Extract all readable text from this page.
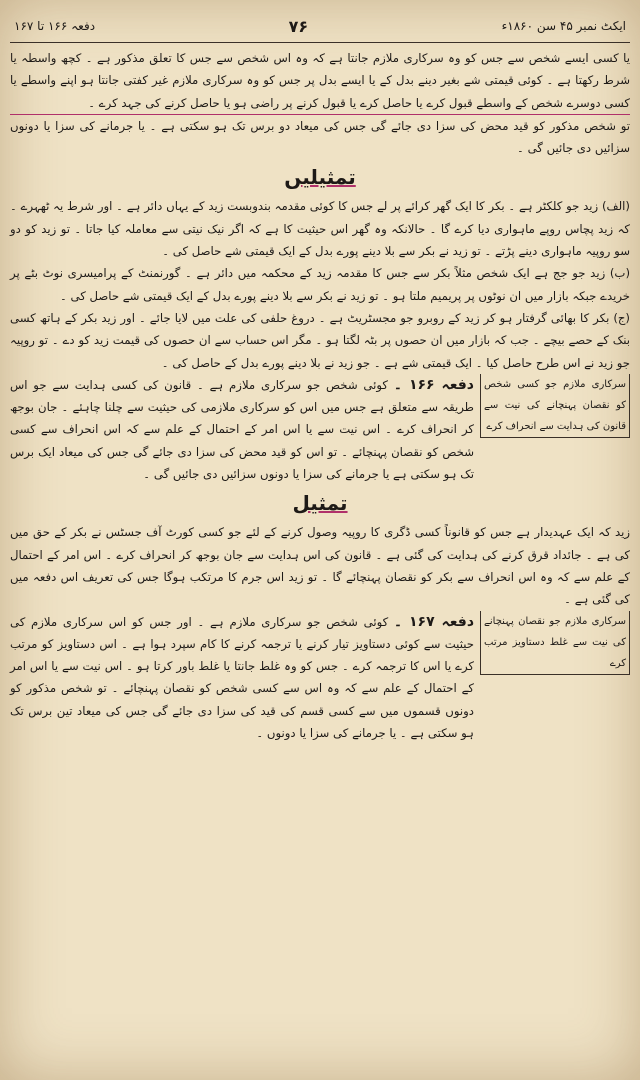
ایکٹ نمبر ۴۵ سن ۱۸۶۰ء
۷۶
دفعہ ۱۶۶ تا ۱۶۷

یا کسی ایسے شخص سے جس کو وہ سرکاری ملازم جانتا ہے کہ وہ اس شخص سے جس کا تعلق مذکور ہے ۔ کچھ واسطہ یا شرط رکھتا ہے ۔ کوئی قیمتی شے بغیر دینے بدل کے یا ایسے بدل پر جس کو وہ سرکاری ملازم غیر کفتی جانتا ہو اپنے واسطے یا کسی دوسرے شخص کے واسطے قبول کرے یا حاصل کرے یا قبول کرنے پر راضی ہو یا حاصل کرنے کی جہد کرے ۔

تو شخص مذکور کو قید محض کی سزا دی جائے گی جس کی میعاد دو برس تک ہو سکتی ہے ۔ یا جرمانے کی سزا یا دونوں سزائیں دی جائیں گی ۔

تمثیلیں

(الف) زید جو کلکٹر ہے ۔ بکر کا ایک گھر کرائے پر لے جس کا کوئی مقدمہ بندوبست زید کے یہاں دائر ہے ۔ اور شرط یہ ٹھہرے ۔ کہ زید پچاس روپے ماہواری دیا کرے گا ۔ حالانکہ وہ گھر اس حیثیت کا ہے کہ اگر نیک نیتی سے معاملہ کیا جاتا ۔ تو زید کو دو سو روپیہ ماہواری دینے پڑتے ۔ تو زید نے بکر سے بلا دینے پورے بدل کے ایک قیمتی شے حاصل کی ۔

(ب) زید جو جج ہے ایک شخص مثلاً بکر سے جس کا مقدمہ زید کے محکمہ میں دائر ہے ۔ گورنمنٹ کے پرامیسری نوٹ بٹے پر خریدے جبکہ بازار میں ان نوٹوں پر پریمیم ملتا ہو ۔ تو زید نے بکر سے بلا دینے پورے بدل کے ایک قیمتی شے حاصل کی ۔

(ج) بکر کا بھائی گرفتار ہو کر زید کے روبرو جو مجسٹریٹ ہے ۔ دروغ حلفی کی علت میں لایا جائے ۔ اور زید بکر کے ہاتھ کسی بنک کے حصے بیچے ۔ جب کہ بازار میں ان حصوں پر بٹہ لگتا ہو ۔ مگر اس حساب سے ان حصوں کی قیمت زید کو دے ۔ تو روپیہ جو زید نے اس طرح حاصل کیا ۔ ایک قیمتی شے ہے ۔ جو زید نے بلا دینے پورے بدل کے حاصل کی ۔

سرکاری ملازم جو کسی شخص کو نقصان پہنچانے کی نیت سے قانون کی ہدایت سے انحراف کرے
دفعہ ۱۶۶ ۔ کوئی شخص جو سرکاری ملازم ہے ۔ قانون کی کسی ہدایت سے جو اس طریقہ سے متعلق ہے جس میں اس کو سرکاری ملازمی کی حیثیت سے چلنا چاہئے ۔ جان بوجھ کر انحراف کرے ۔ اس نیت سے یا اس امر کے احتمال کے علم سے کہ اس انحراف سے کسی شخص کو نقصان پہنچائے ۔ تو اس کو قید محض کی سزا دی جائے گی جس کی میعاد ایک برس تک ہو سکتی ہے یا جرمانے کی سزا یا دونوں سزائیں دی جائیں گی ۔
تمثیل

زید کہ ایک عہدیدار ہے جس کو قانوناً کسی ڈگری کا روپیہ وصول کرنے کے لئے جو کسی کورٹ آف جسٹس نے بکر کے حق میں کی ہے ۔ جائداد قرق کرنے کی ہدایت کی گئی ہے ۔ قانون کی اس ہدایت سے جان بوجھ کر انحراف کرے ۔ اس امر کے احتمال کے علم سے کہ وہ اس انحراف سے بکر کو نقصان پہنچائے گا ۔ تو زید اس جرم کا مرتکب ہوگا جس کی تعریف اس دفعہ میں کی گئی ہے ۔

سرکاری ملازم جو نقصان پہنچانے کی نیت سے غلط دستاویز مرتب کرے
دفعہ ۱۶۷ ۔ کوئی شخص جو سرکاری ملازم ہے ۔ اور جس کو اس سرکاری ملازم کی حیثیت سے کوئی دستاویز تیار کرنے یا ترجمہ کرنے کا کام سپرد ہوا ہے ۔ اس دستاویز کو مرتب کرے یا اس کا ترجمہ کرے ۔ جس کو وہ غلط جانتا یا غلط باور کرتا ہو ۔ اس نیت سے یا اس امر کے احتمال کے علم سے کہ وہ اس سے کسی شخص کو نقصان پہنچائے ۔ تو شخص مذکور کو دونوں قسموں میں سے کسی قسم کی قید کی سزا دی جائے گی جس کی میعاد تین برس تک ہو سکتی ہے ۔ یا جرمانے کی سزا یا دونوں ۔
